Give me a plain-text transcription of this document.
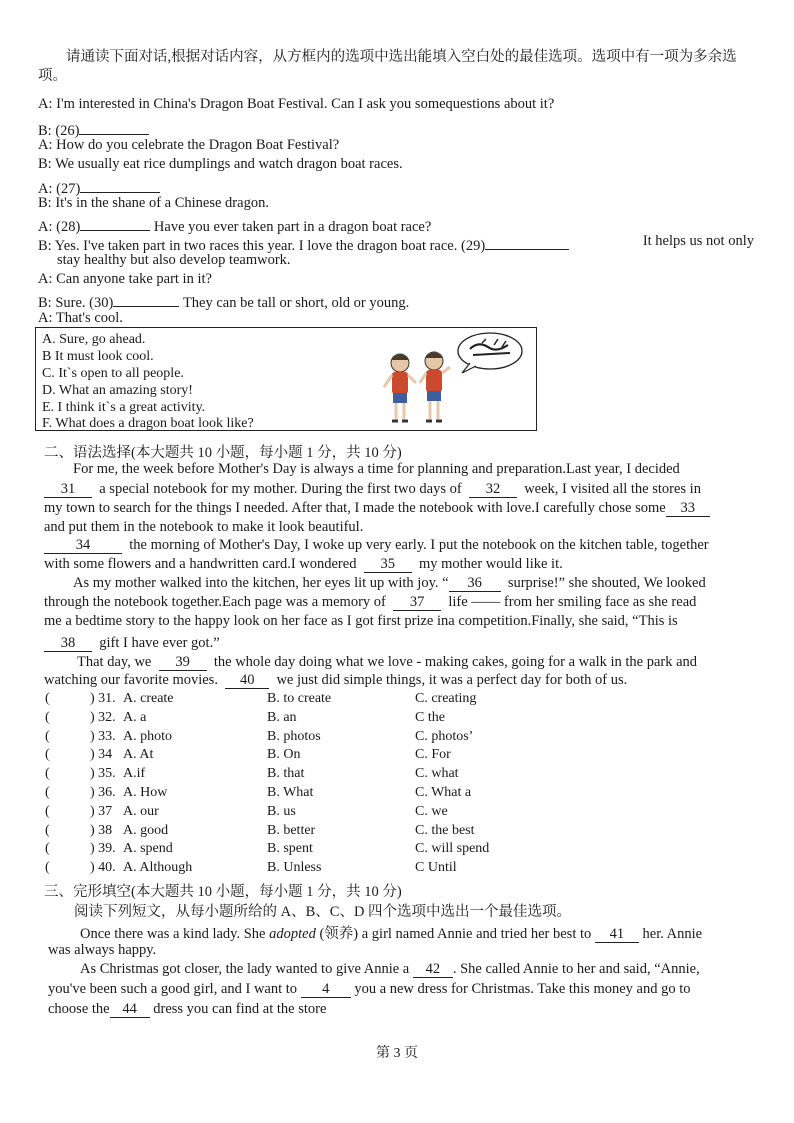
请通读下面对话,根据对话内容，从方框内的选项中选出能填入空白处的最佳选项。选项中有一项为多余选项。

A: I'm interested in China's Dragon Boat Festival. Can I ask you somequestions about it?
B: (26)
A: How do you celebrate the Dragon Boat Festival?
B: We usually eat rice dumplings and watch dragon boat races.
A: (27)
B: It's in the shane of a Chinese dragon.
A: (28)	Have you ever taken part in a dragon boat race?
B: Yes. I've taken part in two races this year. I love the dragon boat race. (29)	It helps us not only
stay healthy but also develop teamwork.
A: Can anyone take part in it?
B: Sure. (30)	They can be tall or short, old or young.
A: That's cool.
A. Sure, go ahead.
B It must look cool.
C. It`s open to all people.
D. What an amazing story!
E. I think it`s a great activity.
F. What does a dragon boat look like?
二、语法选择(本大题共 10 小题，每小题 1 分，共 10 分)
For me, the week before Mother's Day is always a time for planning and preparation.Last year, I decided
31 a special notebook for my mother. During the first two days of 32 week, I visited all the stores in
my town to search for the things I needed. After that, I made the notebook with love.I carefully chose some 33
and put them in the notebook to make it look beautiful.
34	the morning of Mother's Day, I woke up very early. I put the notebook on the kitchen table, together
with some flowers and a handwritten card.I wondered 35 my mother would like it.
As my mother walked into the kitchen, her eyes lit up with joy. “ 36 surprise!” she shouted, We looked
through the notebook together.Each page was a memory of 37 life —— from her smiling face as she read
me a bedtime story to the happy look on her face as I got first prize ina competition.Finally, she said, “This is
38 gift I have ever got.”
That day, we 39 the whole day doing what we love - making cakes, going for a walk in the park and
watching our favorite movies. 40 we just did simple things, it was a perfect day for both of us.
(	) 31. A. create	B. to create	C. creating
(	) 32. A. a	B. an	C the
(	) 33. A. photo	B. photos	C. photos’
(	) 34 A. At	B. On	C. For
(	) 35. A.if	B. that	C. what
(	) 36. A. How	B. What	C. What a
(	) 37 A. our	B. us	C. we
(	) 38 A. good	B. better	C. the best
(	) 39. A. spend	B. spent	C. will spend
(	) 40. A. Although	B. Unless	C Until
三、完形填空(本大题共 10 小题，每小题 1 分，共 10 分)
阅读下列短文，从每小题所给的 A、B、C、D 四个选项中选出一个最佳选项。
Once there was a kind lady. She adopted (领养) a girl named Annie and tried her best to 41 her. Annie
was always happy.
As Christmas got closer, the lady wanted to give Annie a 42 . She called Annie to her and said, “Annie,
you've been such a good girl, and I want to 4 you a new dress for Christmas. Take this money and go to
choose the 44 dress you can find at the store
第 3 页
